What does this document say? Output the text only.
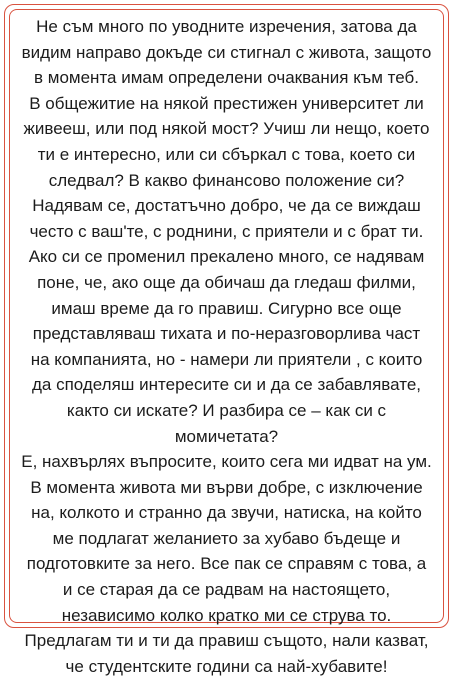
Не съм много по уводните изречения, затова да
видим направо докъде си стигнал с живота, защото
в момента имам определени очаквания към теб.
В общежитие на някой престижен университет ли
живееш, или под някой мост? Учиш ли нещо, което
ти е интересно, или си сбъркал с това, което си
следвал? В какво финансово положение си?
Надявам се, достатъчно добро, че да се виждаш
често с ваш'те, с роднини, с приятели и с брат ти.
Ако си се променил прекалено много, се надявам
поне, че, ако още да обичаш да гледаш филми,
имаш време да го правиш. Сигурно все още
представляваш тихата и по-неразговорлива част
на компанията, но - намери ли приятели , с които
да споделяш интересите си и да се забавлявате,
както си искате? И разбира се – как си с
момичетата?
Е, нахвърлях въпросите, които сега ми идват на ум.
В момента живота ми върви добре, с изключение
на, колкото и странно да звучи, натиска, на който
ме подлагат желанието за хубаво бъдеще и
подготовките за него. Все пак се справям с това, а
и се старая да се радвам на настоящето,
независимо колко кратко ми се струва то.
Предлагам ти и ти да правиш същото, нали казват,
че студентските години са най-хубавите!
